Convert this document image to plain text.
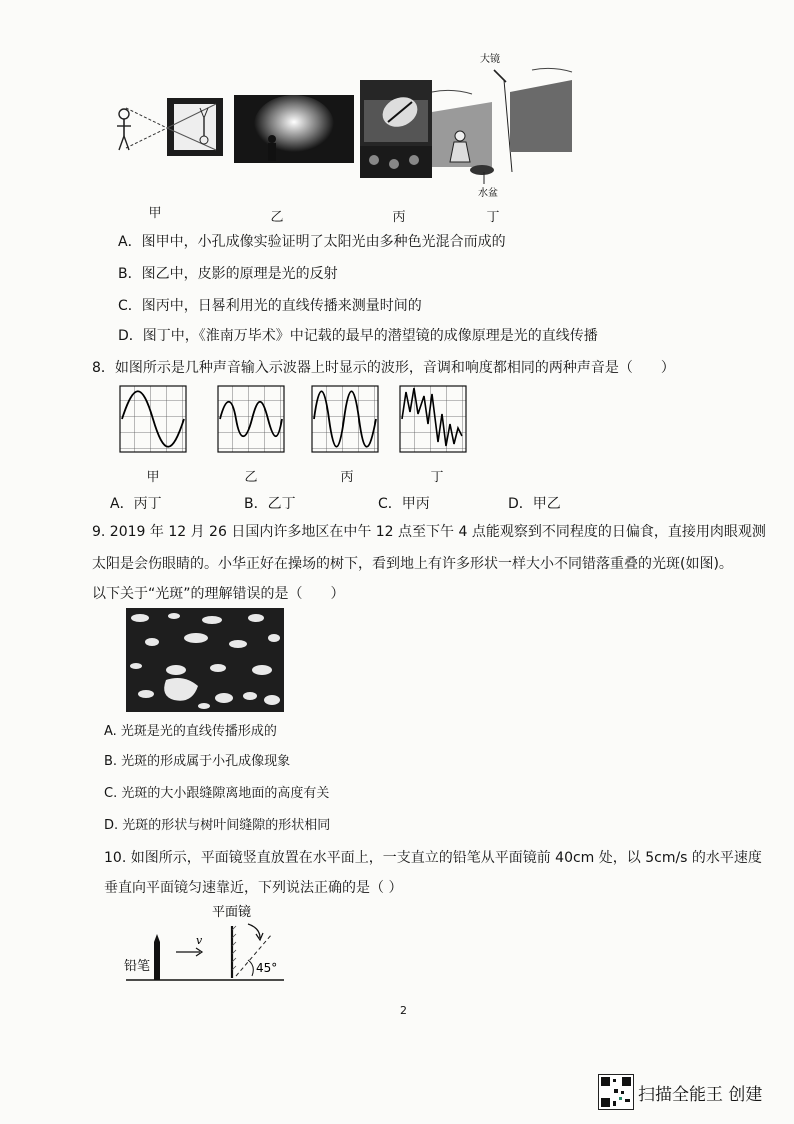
大镜
水盆
甲	乙	丙	丁
A．图甲中，小孔成像实验证明了太阳光由多种色光混合而成的
B．图乙中，皮影的原理是光的反射
C．图丙中，日晷利用光的直线传播来测量时间的
D．图丁中，《淮南万毕术》中记载的最早的潜望镜的成像原理是光的直线传播
8．如图所示是几种声音输入示波器上时显示的波形，音调和响度都相同的两种声音是（　　）
甲	乙	丙	丁
A．丙丁	B．乙丁	C．甲丙	D．甲乙
9. 2019 年 12 月 26 日国内许多地区在中午 12 点至下午 4 点能观察到不同程度的日偏食，直接用肉眼观测
太阳是会伤眼睛的。小华正好在操场的树下，看到地上有许多形状一样大小不同错落重叠的光斑(如图)。
以下关于“光斑”的理解错误的是（　　）
A. 光斑是光的直线传播形成的
B. 光斑的形成属于小孔成像现象
C. 光斑的大小跟缝隙离地面的高度有关
D. 光斑的形状与树叶间缝隙的形状相同
10. 如图所示，平面镜竖直放置在水平面上，一支直立的铅笔从平面镜前 40cm 处，以 5cm/s 的水平速度
垂直向平面镜匀速靠近，下列说法正确的是（ ）
平面镜
45°
铅笔
v
2
扫描全能王 创建
